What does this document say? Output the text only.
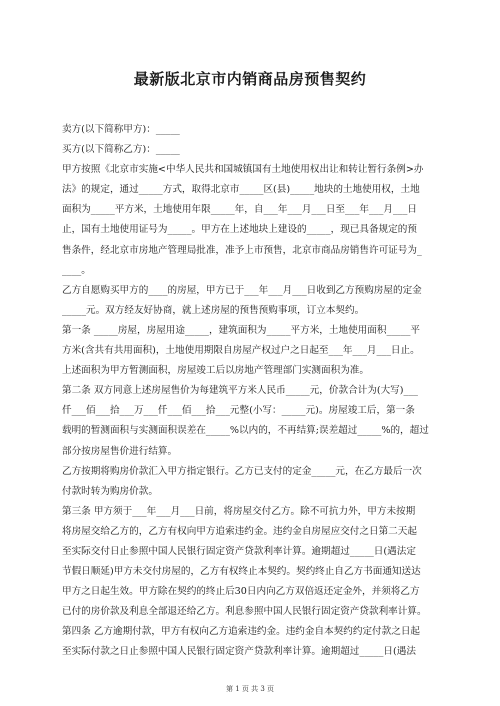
最新版北京市内销商品房预售契约
卖方(以下简称甲方)：_____
买方(以下简称乙方)：_____
甲方按照《北京市实施<中华人民共和国城镇国有土地使用权出让和转让暂行条例>办
法》的规定，通过_____方式，取得北京市_____区(县)_____地块的土地使用权，土地
面积为_____平方米，土地使用年限_____年，自___年___月___日至___年___月___日
止，国有土地使用证号为_____。甲方在上述地块上建设的_____，现已具备规定的预
售条件，经北京市房地产管理局批准，准予上市预售，北京市商品房销售许可证号为_
____。
乙方自愿购买甲方的____的房屋，甲方已于___年___月___日收到乙方预购房屋的定金
_____元。双方经友好协商，就上述房屋的预售预购事项，订立本契约。
第一条 _____房屋，房屋用途_____，建筑面积为_____平方米，土地使用面积_____平
方米(含共有共用面积)，土地使用期限自房屋产权过户之日起至___年___月___日止。
上述面积为甲方暂测面积，房屋竣工后以房地产管理部门实测面积为准。
第二条 双方同意上述房屋售价为每建筑平方米人民币_____元，价款合计为(大写)___
仟___佰___拾___万___仟___佰___拾___元整(小写：_____元)。房屋竣工后，第一条
载明的暂测面积与实测面积误差在_____%以内的，不再结算;误差超过_____%的，超过
部分按房屋售价进行结算。
乙方按期将购房价款汇入甲方指定银行。乙方已支付的定金_____元，在乙方最后一次
付款时转为购房价款。
第三条 甲方须于___年___月___日前，将房屋交付乙方。除不可抗力外，甲方未按期
将房屋交给乙方的，乙方有权向甲方追索违约金。违约金自房屋应交付之日第二天起
至实际交付日止参照中国人民银行固定资产贷款利率计算。逾期超过_____日(遇法定
节假日顺延)甲方未交付房屋的，乙方有权终止本契约。契约终止自乙方书面通知送达
甲方之日起生效。甲方除在契约的终止后30日内向乙方双倍返还定金外，并须将乙方
已付的房价款及利息全部退还给乙方。利息参照中国人民银行固定资产贷款利率计算。
第四条 乙方逾期付款，甲方有权向乙方追索违约金。违约金自本契约约定付款之日起
至实际付款之日止参照中国人民银行固定资产贷款利率计算。逾期超过_____日(遇法
第 1 页 共 3 页
